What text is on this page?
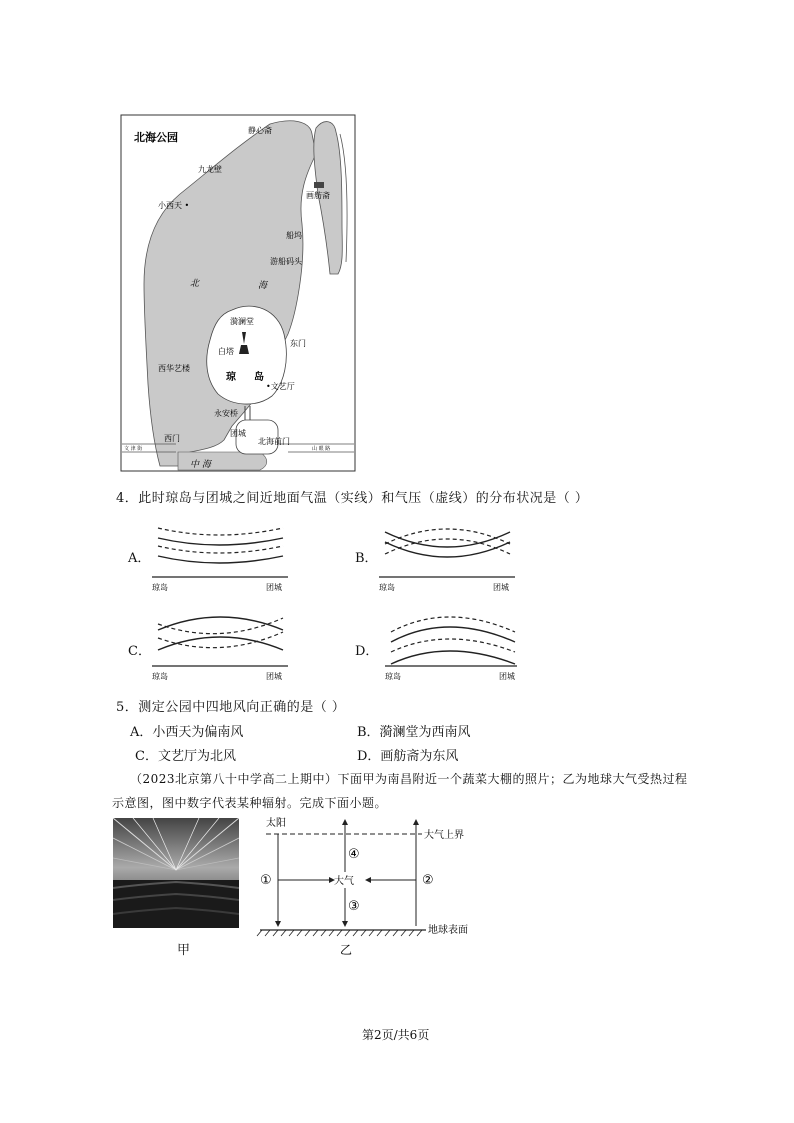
北海公园
静心斋
九龙壁
小西天 •
画舫斋
船坞
游船码头
北	海
漪澜堂
白塔
东门
西华艺楼
琼 岛
•文艺厅
永安桥
团城
西门	北海前门
中 海
文 津 街	山 眼 路
4．此时琼岛与团城之间近地面气温（实线）和气压（虚线）的分布状况是（ ）
A．
琼岛	团城
B．
琼岛	团城
C．
琼岛	团城
D．
琼岛	团城
5．测定公园中四地风向正确的是（ ）
A．小西天为偏南风	B．漪澜堂为西南风
C．文艺厅为北风	D．画舫斋为东风
（2023北京第八十中学高二上期中）下面甲为南昌附近一个蔬菜大棚的照片；乙为地球大气受热过程
示意图，图中数字代表某种辐射。完成下面小题。
甲
太阳
大气上界
①
④
大气
③
②
地球表面
乙
第2页/共6页
